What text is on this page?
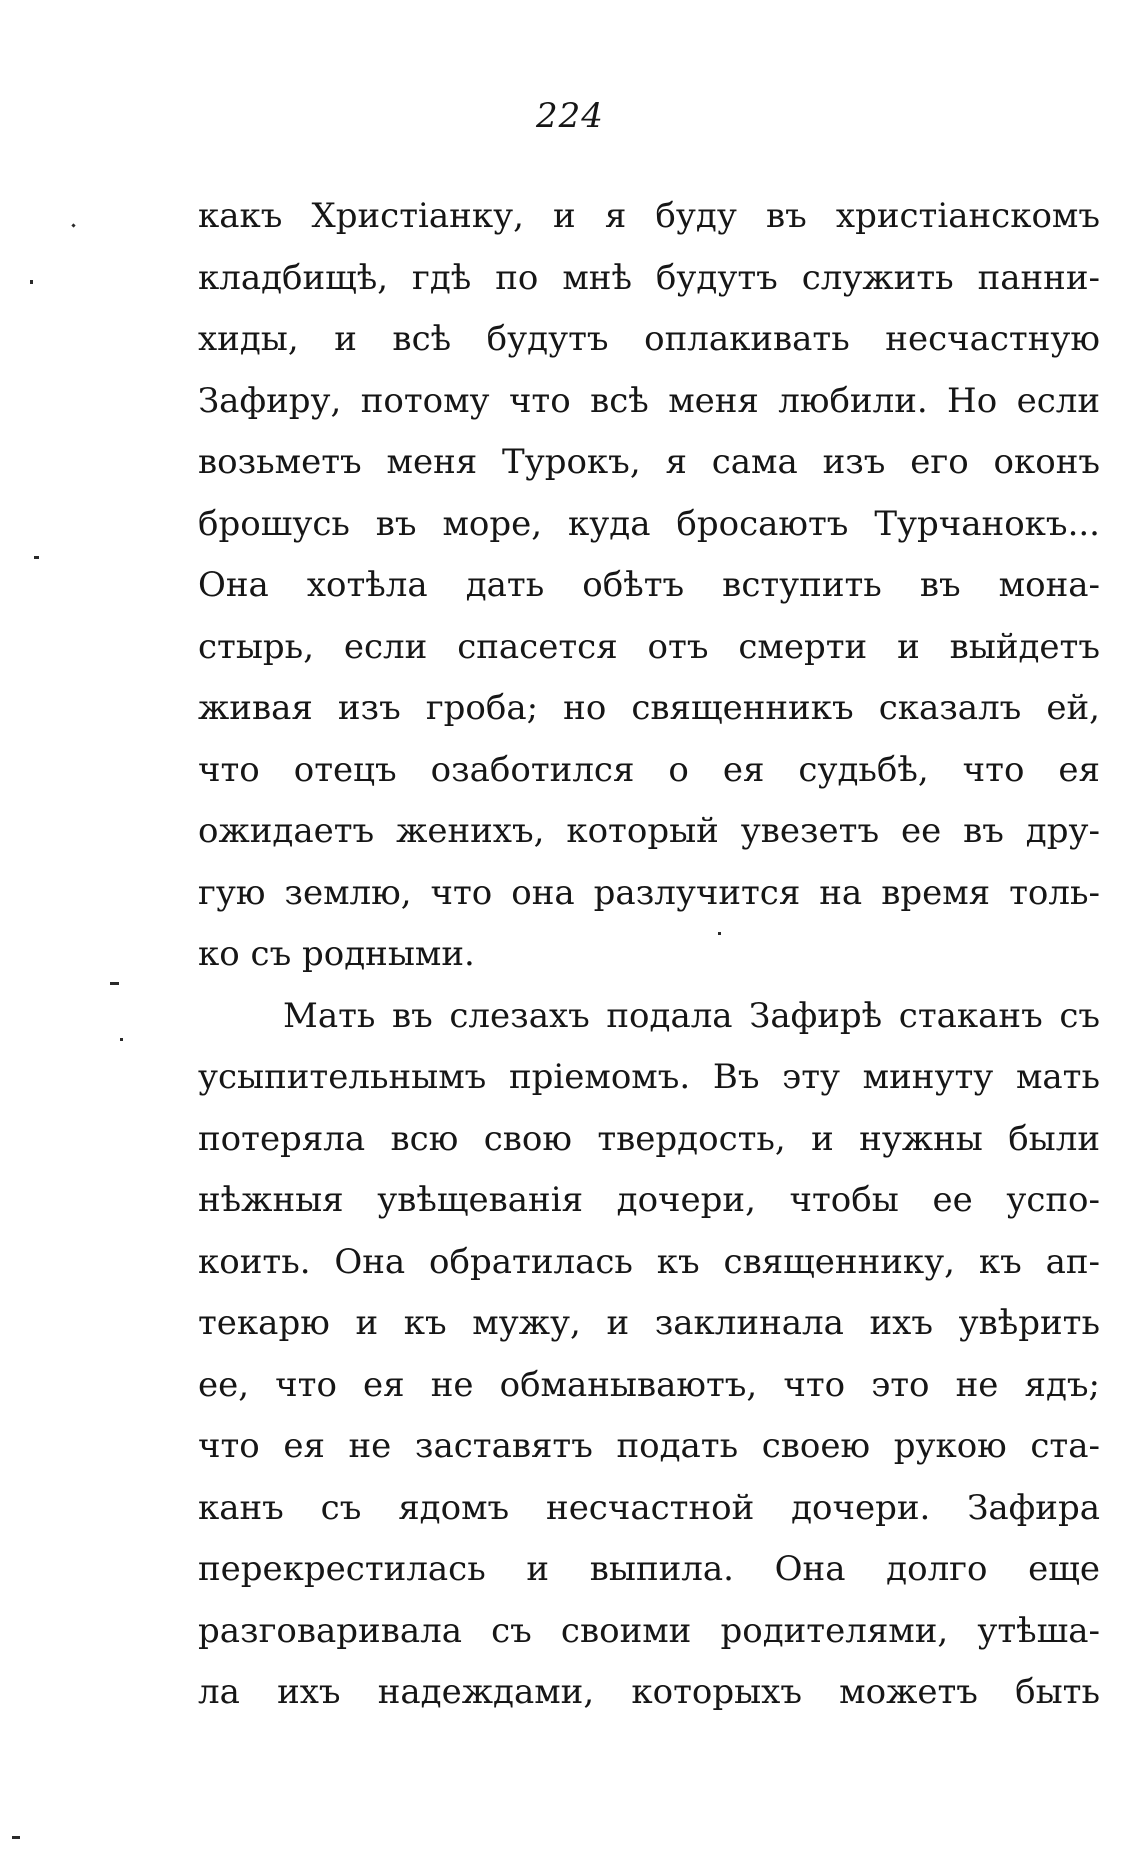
224
какъ Христіанку, и я буду въ христіанскомъ
кладбищѣ, гдѣ по мнѣ будутъ служить панни-
хиды, и всѣ будутъ оплакивать несчастную
Зафиру, потому что всѣ меня любили. Но если
возьметъ меня Турокъ, я сама изъ его оконъ
брошусь въ море, куда бросаютъ Турчанокъ...
Она хотѣла дать обѣтъ вступить въ мона-
стырь, если спасется отъ смерти и выйдетъ
живая изъ гроба; но священникъ сказалъ ей,
что отецъ озаботился о ея судьбѣ, что ея
ожидаетъ женихъ, который увезетъ ее въ дру-
гую землю, что она разлучится на время толь-
ко съ родными.
Мать въ слезахъ подала Зафирѣ стаканъ съ
усыпительнымъ пріемомъ. Въ эту минуту мать
потеряла всю свою твердость, и нужны были
нѣжныя увѣщеванія дочери, чтобы ее успо-
коить. Она обратилась къ священнику, къ ап-
текарю и къ мужу, и заклинала ихъ увѣрить
ее, что ея не обманываютъ, что это не ядъ;
что ея не заставятъ подать своею рукою ста-
канъ съ ядомъ несчастной дочери. Зафира
перекрестилась и выпила. Она долго еще
разговаривала съ своими родителями, утѣша-
ла ихъ надеждами, которыхъ можетъ быть
